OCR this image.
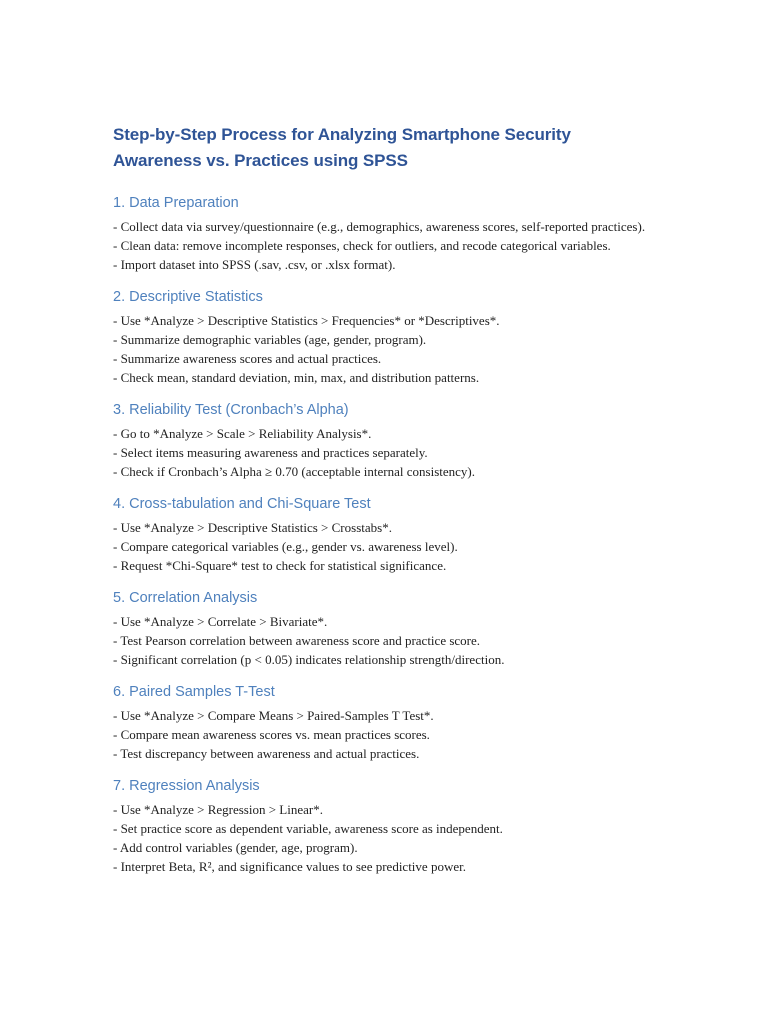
Step-by-Step Process for Analyzing Smartphone Security Awareness vs. Practices using SPSS
1. Data Preparation
- Collect data via survey/questionnaire (e.g., demographics, awareness scores, self-reported practices).
- Clean data: remove incomplete responses, check for outliers, and recode categorical variables.
- Import dataset into SPSS (.sav, .csv, or .xlsx format).
2. Descriptive Statistics
- Use *Analyze > Descriptive Statistics > Frequencies* or *Descriptives*.
- Summarize demographic variables (age, gender, program).
- Summarize awareness scores and actual practices.
- Check mean, standard deviation, min, max, and distribution patterns.
3. Reliability Test (Cronbach’s Alpha)
- Go to *Analyze > Scale > Reliability Analysis*.
- Select items measuring awareness and practices separately.
- Check if Cronbach’s Alpha ≥ 0.70 (acceptable internal consistency).
4. Cross-tabulation and Chi-Square Test
- Use *Analyze > Descriptive Statistics > Crosstabs*.
- Compare categorical variables (e.g., gender vs. awareness level).
- Request *Chi-Square* test to check for statistical significance.
5. Correlation Analysis
- Use *Analyze > Correlate > Bivariate*.
- Test Pearson correlation between awareness score and practice score.
- Significant correlation (p < 0.05) indicates relationship strength/direction.
6. Paired Samples T-Test
- Use *Analyze > Compare Means > Paired-Samples T Test*.
- Compare mean awareness scores vs. mean practices scores.
- Test discrepancy between awareness and actual practices.
7. Regression Analysis
- Use *Analyze > Regression > Linear*.
- Set practice score as dependent variable, awareness score as independent.
- Add control variables (gender, age, program).
- Interpret Beta, R², and significance values to see predictive power.
